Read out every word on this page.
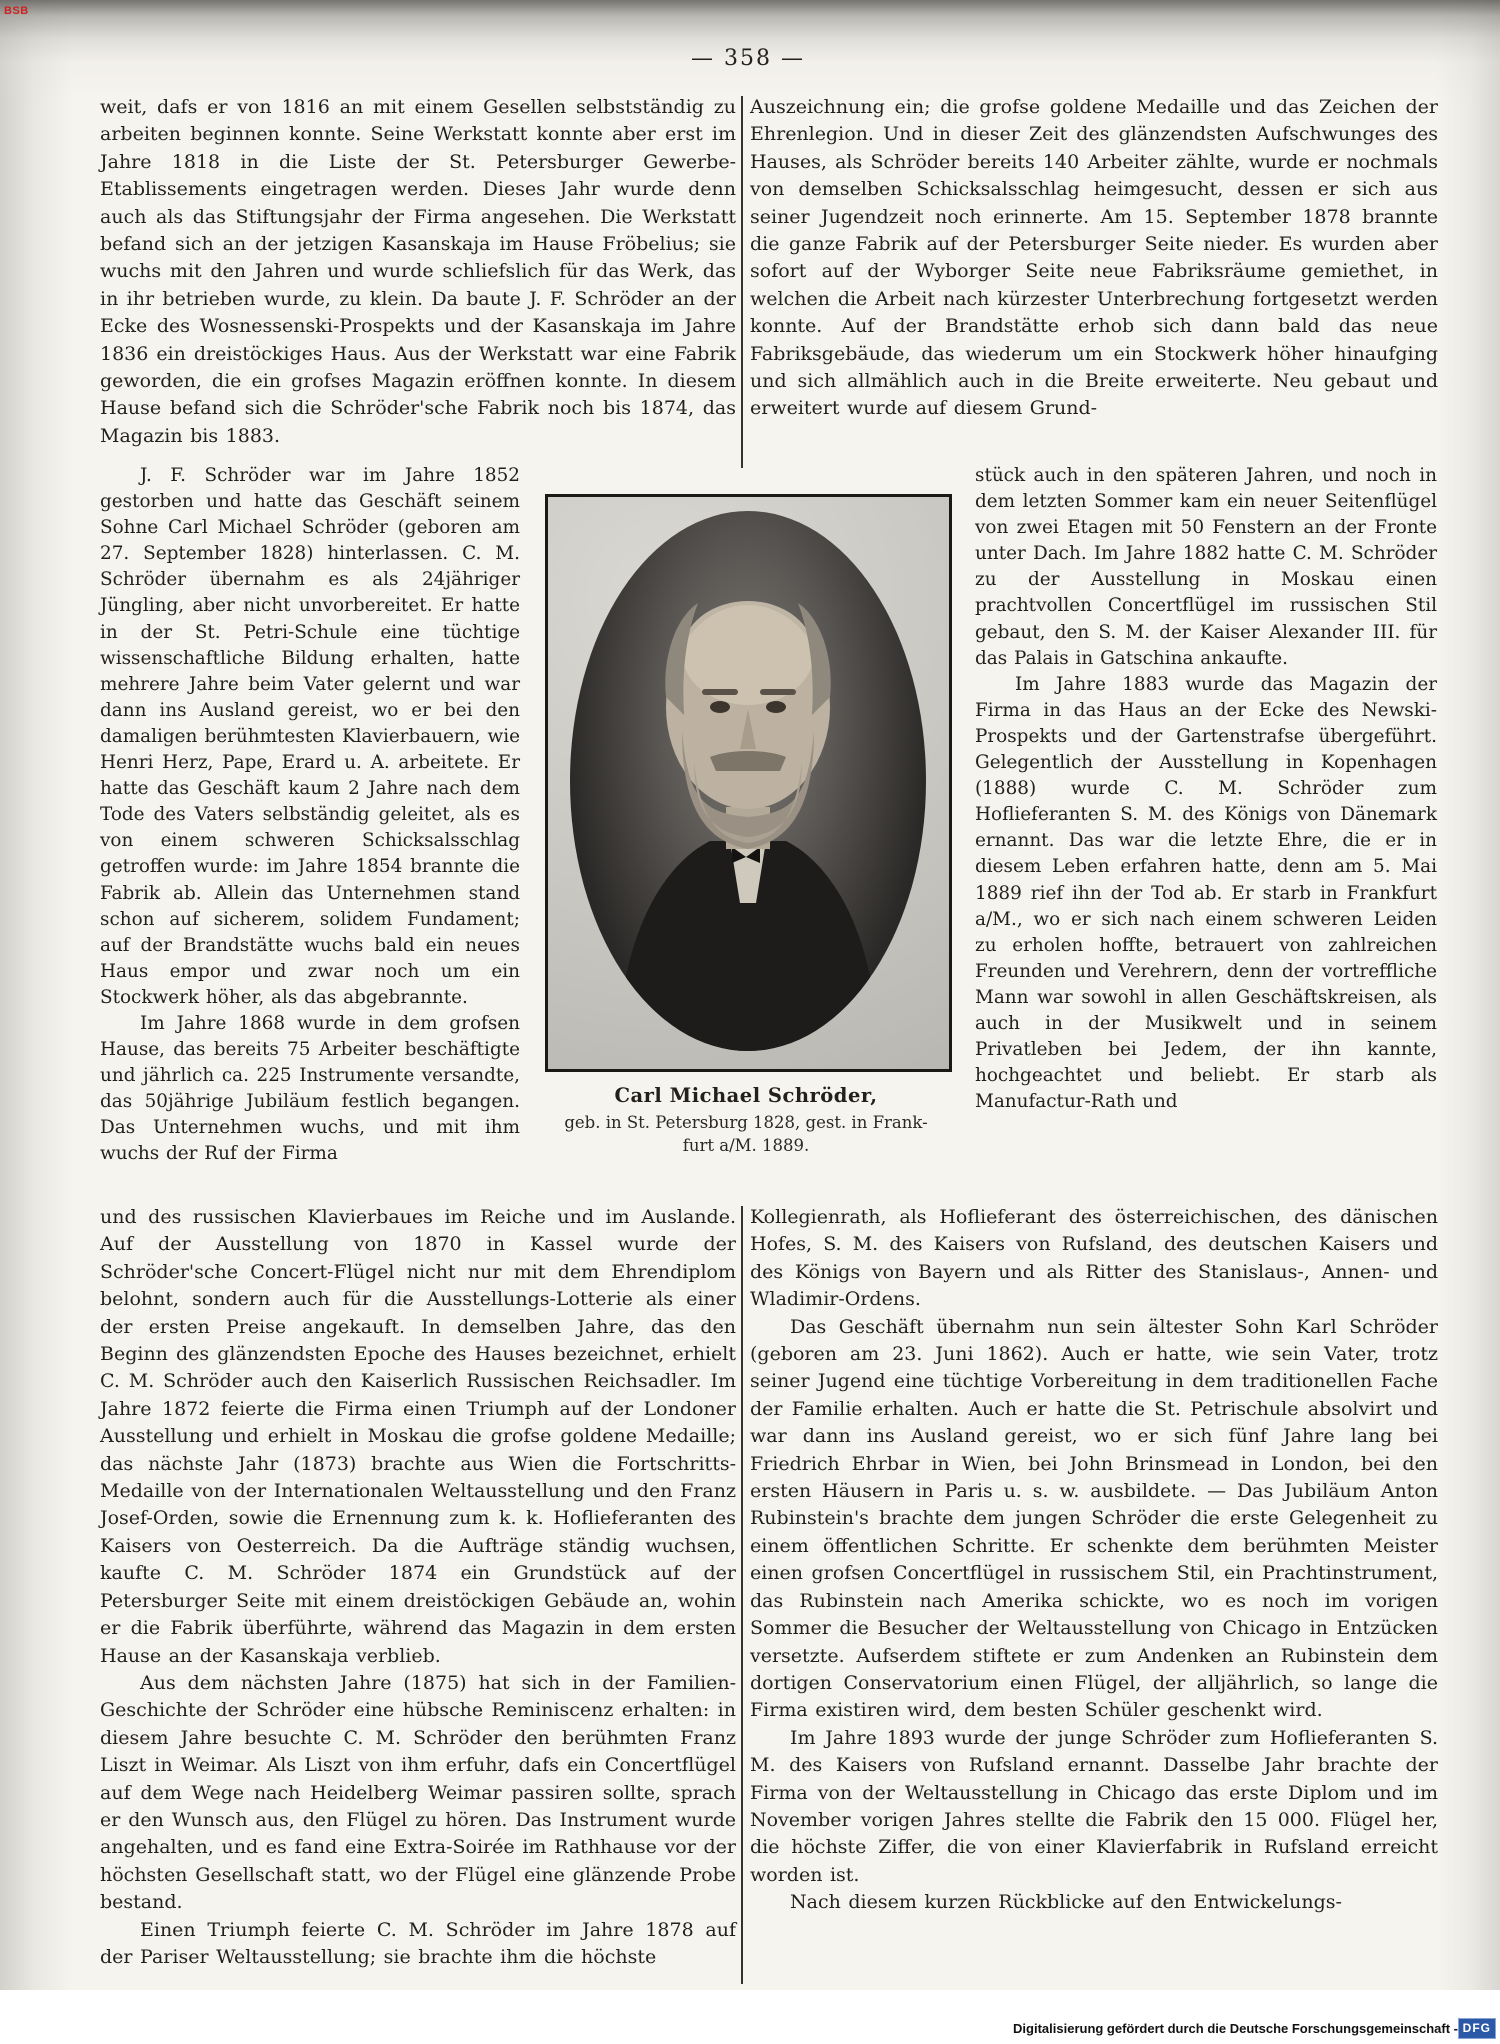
BSB
— 358 —

weit, dafs er von 1816 an mit einem Gesellen selbstständig zu arbeiten beginnen konnte. Seine Werkstatt konnte aber erst im Jahre 1818 in die Liste der St. Petersburger Gewerbe-Etablissements eingetragen werden. Dieses Jahr wurde denn auch als das Stiftungsjahr der Firma angesehen. Die Werkstatt befand sich an der jetzigen Kasanskaja im Hause Fröbelius; sie wuchs mit den Jahren und wurde schliefslich für das Werk, das in ihr betrieben wurde, zu klein. Da baute J. F. Schröder an der Ecke des Wosnessenski-Prospekts und der Kasanskaja im Jahre 1836 ein dreistöckiges Haus. Aus der Werkstatt war eine Fabrik geworden, die ein grofses Magazin eröffnen konnte. In diesem Hause befand sich die Schröder'sche Fabrik noch bis 1874, das Magazin bis 1883.

J. F. Schröder war im Jahre 1852 gestorben und hatte das Geschäft seinem Sohne Carl Michael Schröder (geboren am 27. September 1828) hinterlassen. C. M. Schröder übernahm es als 24jähriger Jüngling, aber nicht unvorbereitet. Er hatte in der St. Petri-Schule eine tüchtige wissenschaftliche Bildung erhalten, hatte mehrere Jahre beim Vater gelernt und war dann ins Ausland gereist, wo er bei den damaligen berühmtesten Klavierbauern, wie Henri Herz, Pape, Erard u. A. arbeitete. Er hatte das Geschäft kaum 2 Jahre nach dem Tode des Vaters selbständig geleitet, als es von einem schweren Schicksalsschlag getroffen wurde: im Jahre 1854 brannte die Fabrik ab. Allein das Unternehmen stand schon auf sicherem, solidem Fundament; auf der Brandstätte wuchs bald ein neues Haus empor und zwar noch um ein Stockwerk höher, als das abgebrannte.

Im Jahre 1868 wurde in dem grofsen Hause, das bereits 75 Arbeiter beschäftigte und jährlich ca. 225 Instrumente versandte, das 50jährige Jubiläum festlich begangen. Das Unternehmen wuchs, und mit ihm wuchs der Ruf der Firma

und des russischen Klavierbaues im Reiche und im Auslande. Auf der Ausstellung von 1870 in Kassel wurde der Schröder'sche Concert-Flügel nicht nur mit dem Ehrendiplom belohnt, sondern auch für die Ausstellungs-Lotterie als einer der ersten Preise angekauft. In demselben Jahre, das den Beginn des glänzendsten Epoche des Hauses bezeichnet, erhielt C. M. Schröder auch den Kaiserlich Russischen Reichsadler. Im Jahre 1872 feierte die Firma einen Triumph auf der Londoner Ausstellung und erhielt in Moskau die grofse goldene Medaille; das nächste Jahr (1873) brachte aus Wien die Fortschritts-Medaille von der Internationalen Weltausstellung und den Franz Josef-Orden, sowie die Ernennung zum k. k. Hoflieferanten des Kaisers von Oesterreich. Da die Aufträge ständig wuchsen, kaufte C. M. Schröder 1874 ein Grundstück auf der Petersburger Seite mit einem dreistöckigen Gebäude an, wohin er die Fabrik überführte, während das Magazin in dem ersten Hause an der Kasanskaja verblieb.

Aus dem nächsten Jahre (1875) hat sich in der Familien-Geschichte der Schröder eine hübsche Reminiscenz erhalten: in diesem Jahre besuchte C. M. Schröder den berühmten Franz Liszt in Weimar. Als Liszt von ihm erfuhr, dafs ein Concertflügel auf dem Wege nach Heidelberg Weimar passiren sollte, sprach er den Wunsch aus, den Flügel zu hören. Das Instrument wurde angehalten, und es fand eine Extra-Soirée im Rathhause vor der höchsten Gesellschaft statt, wo der Flügel eine glänzende Probe bestand.

Einen Triumph feierte C. M. Schröder im Jahre 1878 auf der Pariser Weltausstellung; sie brachte ihm die höchste

Auszeichnung ein; die grofse goldene Medaille und das Zeichen der Ehrenlegion. Und in dieser Zeit des glänzendsten Aufschwunges des Hauses, als Schröder bereits 140 Arbeiter zählte, wurde er nochmals von demselben Schicksalsschlag heimgesucht, dessen er sich aus seiner Jugendzeit noch erinnerte. Am 15. September 1878 brannte die ganze Fabrik auf der Petersburger Seite nieder. Es wurden aber sofort auf der Wyborger Seite neue Fabriksräume gemiethet, in welchen die Arbeit nach kürzester Unterbrechung fortgesetzt werden konnte. Auf der Brandstätte erhob sich dann bald das neue Fabriksgebäude, das wiederum um ein Stockwerk höher hinaufging und sich allmählich auch in die Breite erweiterte. Neu gebaut und erweitert wurde auf diesem Grund-

stück auch in den späteren Jahren, und noch in dem letzten Sommer kam ein neuer Seitenflügel von zwei Etagen mit 50 Fenstern an der Fronte unter Dach. Im Jahre 1882 hatte C. M. Schröder zu der Ausstellung in Moskau einen prachtvollen Concertflügel im russischen Stil gebaut, den S. M. der Kaiser Alexander III. für das Palais in Gatschina ankaufte.

Im Jahre 1883 wurde das Magazin der Firma in das Haus an der Ecke des Newski-Prospekts und der Gartenstrafse übergeführt. Gelegentlich der Ausstellung in Kopenhagen (1888) wurde C. M. Schröder zum Hoflieferanten S. M. des Königs von Dänemark ernannt. Das war die letzte Ehre, die er in diesem Leben erfahren hatte, denn am 5. Mai 1889 rief ihn der Tod ab. Er starb in Frankfurt a/M., wo er sich nach einem schweren Leiden zu erholen hoffte, betrauert von zahlreichen Freunden und Verehrern, denn der vortreffliche Mann war sowohl in allen Geschäftskreisen, als auch in der Musikwelt und in seinem Privatleben bei Jedem, der ihn kannte, hochgeachtet und beliebt. Er starb als Manufactur-Rath und

Kollegienrath, als Hoflieferant des österreichischen, des dänischen Hofes, S. M. des Kaisers von Rufsland, des deutschen Kaisers und des Königs von Bayern und als Ritter des Stanislaus-, Annen- und Wladimir-Ordens.

Das Geschäft übernahm nun sein ältester Sohn Karl Schröder (geboren am 23. Juni 1862). Auch er hatte, wie sein Vater, trotz seiner Jugend eine tüchtige Vorbereitung in dem traditionellen Fache der Familie erhalten. Auch er hatte die St. Petrischule absolvirt und war dann ins Ausland gereist, wo er sich fünf Jahre lang bei Friedrich Ehrbar in Wien, bei John Brinsmead in London, bei den ersten Häusern in Paris u. s. w. ausbildete. — Das Jubiläum Anton Rubinstein's brachte dem jungen Schröder die erste Gelegenheit zu einem öffentlichen Schritte. Er schenkte dem berühmten Meister einen grofsen Concertflügel in russischem Stil, ein Prachtinstrument, das Rubinstein nach Amerika schickte, wo es noch im vorigen Sommer die Besucher der Weltausstellung von Chicago in Entzücken versetzte. Aufserdem stiftete er zum Andenken an Rubinstein dem dortigen Conservatorium einen Flügel, der alljährlich, so lange die Firma existiren wird, dem besten Schüler geschenkt wird.

Im Jahre 1893 wurde der junge Schröder zum Hoflieferanten S. M. des Kaisers von Rufsland ernannt. Dasselbe Jahr brachte der Firma von der Weltausstellung in Chicago das erste Diplom und im November vorigen Jahres stellte die Fabrik den 15 000. Flügel her, die höchste Ziffer, die von einer Klavierfabrik in Rufsland erreicht worden ist.

Nach diesem kurzen Rückblicke auf den Entwickelungs-

Carl Michael Schröder,
geb. in St. Petersburg 1828, gest. in Frank-
furt a/M. 1889.
Digitalisierung gefördert durch die Deutsche Forschungsgemeinschaft - DFG
